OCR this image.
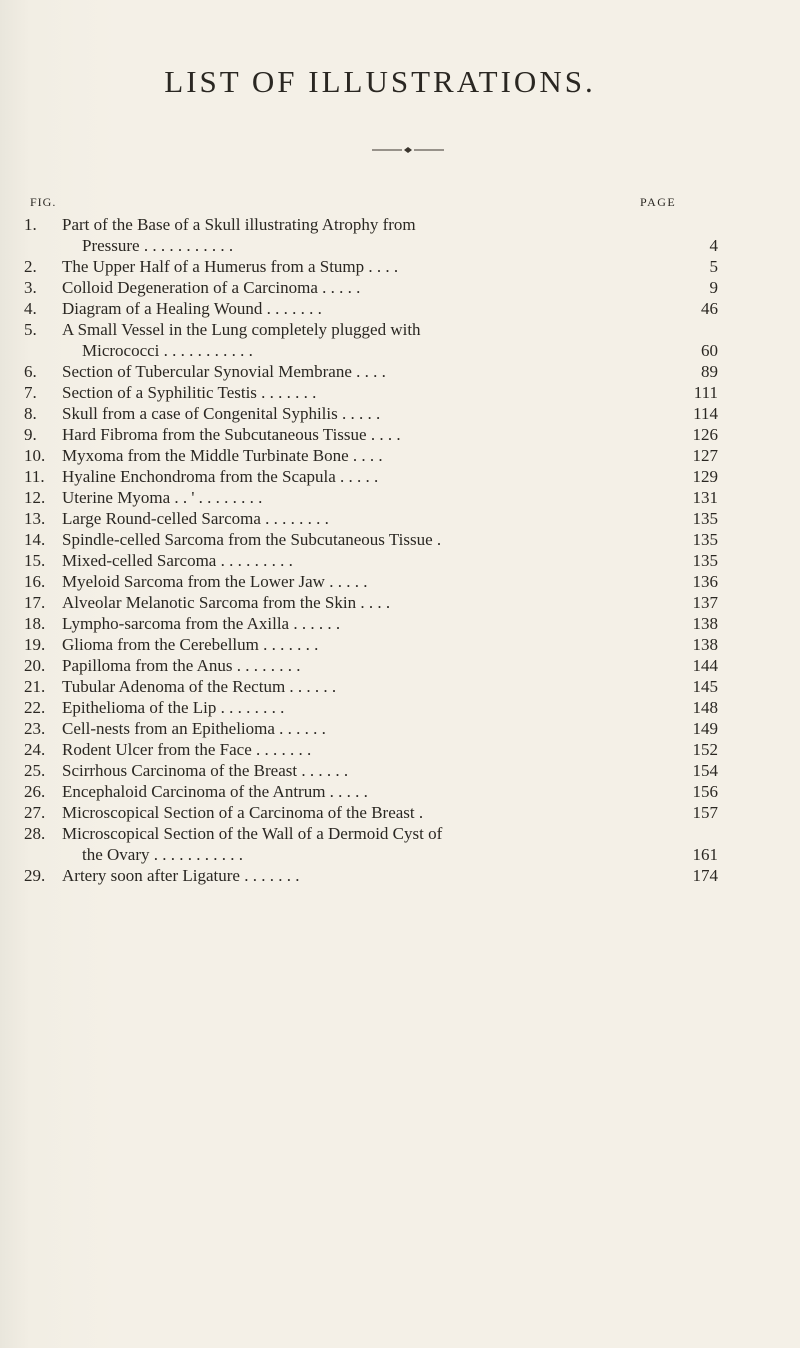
LIST OF ILLUSTRATIONS.
FIG.	PAGE
1.	Part of the Base of a Skull illustrating Atrophy from
Pressure . . . . . . . . . . .	4
2.	The Upper Half of a Humerus from a Stump . . . .	5
3.	Colloid Degeneration of a Carcinoma . . . . .	9
4.	Diagram of a Healing Wound . . . . . . .	46
5.	A Small Vessel in the Lung completely plugged with
Micrococci . . . . . . . . . . .	60
6.	Section of Tubercular Synovial Membrane . . . .	89
7.	Section of a Syphilitic Testis . . . . . . .	111
8.	Skull from a case of Congenital Syphilis . . . . .	114
9.	Hard Fibroma from the Subcutaneous Tissue . . . .	126
10. Myxoma from the Middle Turbinate Bone . . . .	127
11.	Hyaline Enchondroma from the Scapula . . . . .	129
12. Uterine Myoma . . ' . . . . . . . .	131
13. Large Round-celled Sarcoma . . . . . . . .	135
14. Spindle-celled Sarcoma from the Subcutaneous Tissue .	135
15. Mixed-celled Sarcoma . . . . . . . . .	135
16. Myeloid Sarcoma from the Lower Jaw . . . . .	136
17. Alveolar Melanotic Sarcoma from the Skin . . . .	137
18. Lympho-sarcoma from the Axilla . . . . . .	138
19. Glioma from the Cerebellum . . . . . . .	138
20. Papilloma from the Anus . . . . . . . .	144
21. Tubular Adenoma of the Rectum . . . . . .	145
22. Epithelioma of the Lip . . . . . . . .	148
23. Cell-nests from an Epithelioma . . . . . .	149
24. Rodent Ulcer from the Face . . . . . . .	152
25. Scirrhous Carcinoma of the Breast . . . . . .	154
26. Encephaloid Carcinoma of the Antrum . . . . .	156
27. Microscopical Section of a Carcinoma of the Breast .	157
28. Microscopical Section of the Wall of a Dermoid Cyst of
the Ovary . . . . . . . . . . .	161
29. Artery soon after Ligature . . . . . . .	174
